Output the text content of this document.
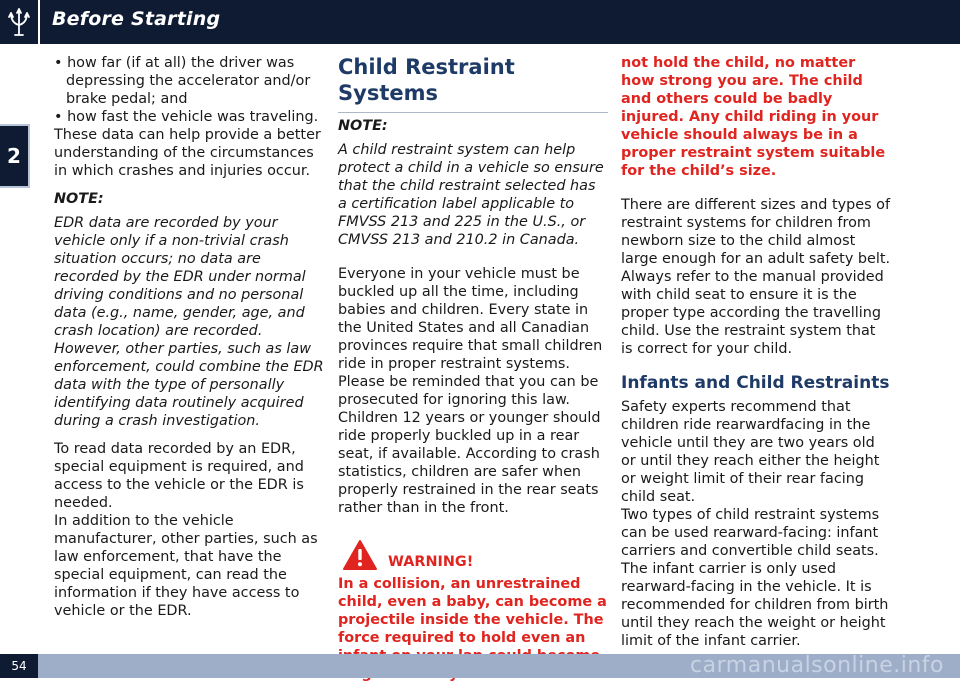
Before Starting
2

• how far (if at all) the driver was depressing the accelerator and/or brake pedal; and

• how fast the vehicle was traveling.

These data can help provide a better understanding of the circumstances in which crashes and injuries occur.

NOTE:

EDR data are recorded by your vehicle only if a non-trivial crash situation occurs; no data are recorded by the EDR under normal driving conditions and no personal data (e.g., name, gender, age, and crash location) are recorded. However, other parties, such as law enforcement, could combine the EDR data with the type of personally identifying data routinely acquired during a crash investigation.

To read data recorded by an EDR, special equipment is required, and access to the vehicle or the EDR is needed.

In addition to the vehicle manufacturer, other parties, such as law enforcement, that have the special equipment, can read the information if they have access to vehicle or the EDR.

Child Restraint Systems

NOTE:

A child restraint system can help protect a child in a vehicle so ensure that the child restraint selected has a certification label applicable to FMVSS 213 and 225 in the U.S., or CMVSS 213 and 210.2 in Canada.

Everyone in your vehicle must be buckled up all the time, including babies and children. Every state in the United States and all Canadian provinces require that small children ride in proper restraint systems. Please be reminded that you can be prosecuted for ignoring this law. Children 12 years or younger should ride properly buckled up in a rear seat, if available. According to crash statistics, children are safer when properly restrained in the rear seats rather than in the front.

WARNING!

In a collision, an unrestrained child, even a baby, can become a projectile inside the vehicle. The force required to hold even an

not hold the child, no matter how strong you are. The child and others could be badly injured. Any child riding in your vehicle should always be in a proper restraint system suitable for the child’s size.

There are different sizes and types of restraint systems for children from newborn size to the child almost large enough for an adult safety belt. Always refer to the manual provided with child seat to ensure it is the proper type according the travelling child. Use the restraint system that is correct for your child.

Infants and Child Restraints

Safety experts recommend that children ride rearwardfacing in the vehicle until they are two years old or until they reach either the height or weight limit of their rear facing child seat.

Two types of child restraint systems can be used rearward-facing: infant carriers and convertible child seats. The infant carrier is only used rearward-facing in the vehicle. It is recommended for children from birth until they reach the weight or height limit of the infant carrier.

54	carmanualsonline.info
